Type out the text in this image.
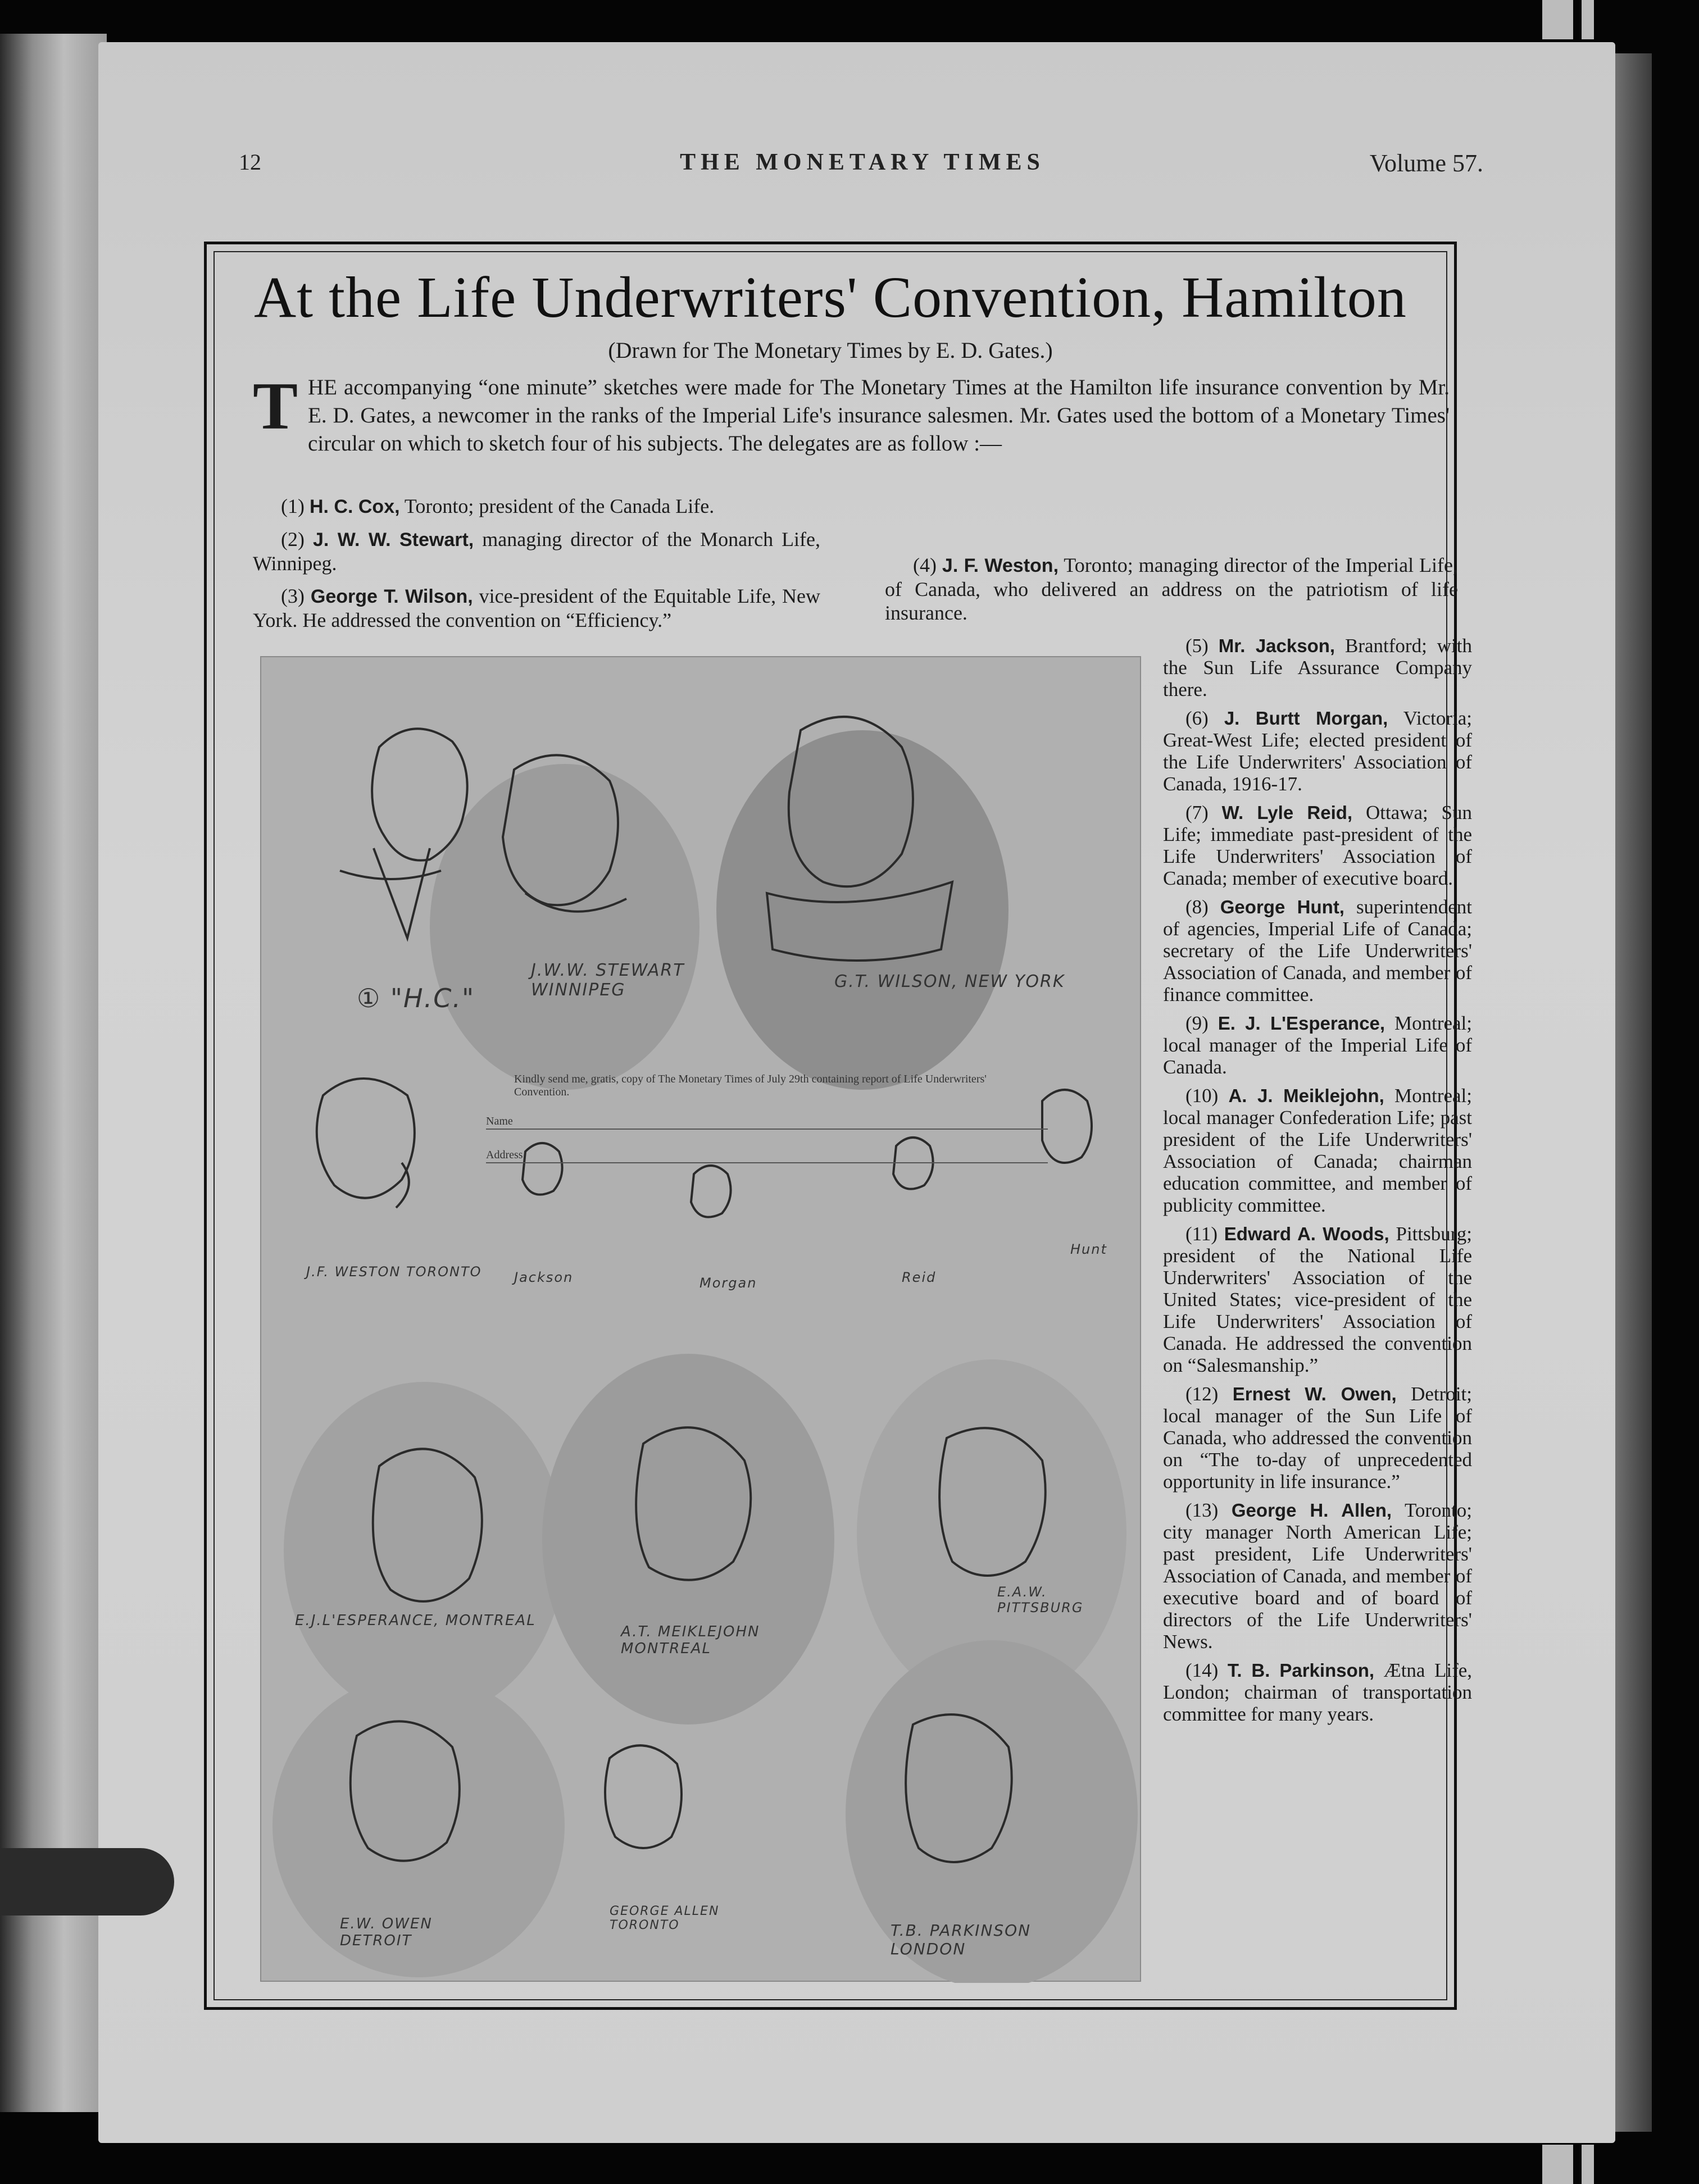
12	THE MONETARY TIMES	Volume 57.
At the Life Underwriters' Convention, Hamilton
(Drawn for The Monetary Times by E. D. Gates.)
T HE accompanying “one minute” sketches were made for The Monetary Times at the Hamilton life insurance convention by Mr. E. D. Gates, a newcomer in the ranks of the Imperial Life's insurance salesmen. Mr. Gates used the bottom of a Monetary Times' circular on which to sketch four of his subjects. The delegates are as follow :—

(1) H. C. Cox, Toronto; president of the Canada Life.

(2) J. W. W. Stewart, managing director of the Monarch Life, Winnipeg.

(3) George T. Wilson, vice-president of the Equitable Life, New York. He addressed the convention on “Efficiency.”

(4) J. F. Weston, Toronto; managing director of the Imperial Life, of Canada, who delivered an address on the patriotism of life insurance.

Kindly send me, gratis, copy of The Monetary Times of July 29th containing report of Life Underwriters' Convention.
Name
Address
① "H.C."
J.W.W. STEWART WINNIPEG	G.T. WILSON, NEW YORK
J.F. WESTON TORONTO	Jackson	Morgan	Reid
Hunt
E.J.L'ESPERANCE, MONTREAL
A.T. MEIKLEJOHN MONTREAL
E.A.W. PITTSBURG
E.W. OWEN DETROIT
GEORGE ALLEN TORONTO	T.B. PARKINSON LONDON

(5) Mr. Jackson, Brantford; with the Sun Life Assurance Company there.

(6) J. Burtt Morgan, Victoria; Great-West Life; elected president of the Life Underwriters' Association of Canada, 1916-17.

(7) W. Lyle Reid, Ottawa; Sun Life; immediate past-president of the Life Underwriters' Association of Canada; member of executive board.

(8) George Hunt, superintendent of agencies, Imperial Life of Canada; secretary of the Life Underwriters' Association of Canada, and member of finance committee.

(9) E. J. L'Esperance, Montreal; local manager of the Imperial Life of Canada.

(10) A. J. Meiklejohn, Montreal; local manager Confederation Life; past president of the Life Underwriters' Association of Canada; chairman education committee, and member of publicity committee.

(11) Edward A. Woods, Pittsburg; president of the National Life Underwriters' Association of the United States; vice-president of the Life Underwriters' Association of Canada. He addressed the convention on “Salesmanship.”

(12) Ernest W. Owen, Detroit; local manager of the Sun Life of Canada, who addressed the convention on “The to-day of unprecedented opportunity in life insurance.”

(13) George H. Allen, Toronto; city manager North American Life; past president, Life Underwriters' Association of Canada, and member of executive board and of board of directors of the Life Underwriters' News.

(14) T. B. Parkinson, Ætna Life, London; chairman of transportation committee for many years.
